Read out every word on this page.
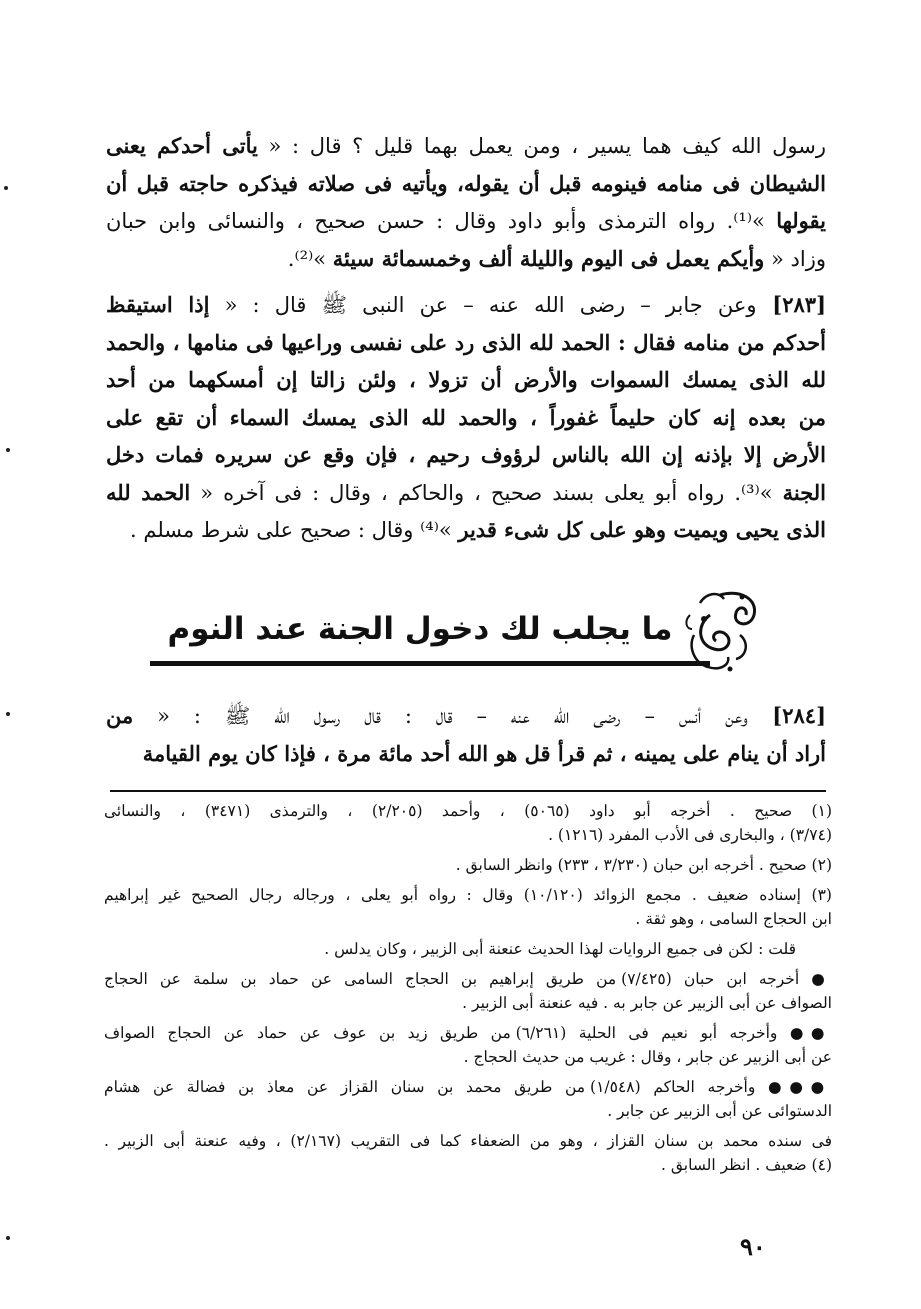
رسول الله كيف هما يسير ، ومن يعمل بهما قليل ؟ قال : « يأتى أحدكم يعنى
الشيطان فى منامه فينومه قبل أن يقوله، ويأتيه فى صلاته فيذكره حاجته قبل أن
يقولها »⁽¹⁾. رواه الترمذى وأبو داود وقال : حسن صحيح ، والنسائى وابن حبان
وزاد « وأيكم يعمل فى اليوم والليلة ألف وخمسمائة سيئة »⁽²⁾.
[٢٨٣] وعن جابر – رضى الله عنه – عن النبى ﷺ قال : « إذا استيقظ
أحدكم من منامه فقال : الحمد لله الذى رد على نفسى وراعيها فى منامها ، والحمد
لله الذى يمسك السموات والأرض أن تزولا ، ولئن زالتا إن أمسكهما من أحد
من بعده إنه كان حليماً غفوراً ، والحمد لله الذى يمسك السماء أن تقع على
الأرض إلا بإذنه إن الله بالناس لرؤوف رحيم ، فإن وقع عن سريره فمات دخل
الجنة »⁽³⁾. رواه أبو يعلى بسند صحيح ، والحاكم ، وقال : فى آخره « الحمد لله
الذى يحيى ويميت وهو على كل شىء قدير »⁽⁴⁾ وقال : صحيح على شرط مسلم .
ما يجلب لك دخول الجنة عند النوم
[٢٨٤] وعن أنس – رضى الله عنه – قال : قال رسول الله ﷺ : « من
أراد أن ينام على يمينه ، ثم قرأ قل هو الله أحد مائة مرة ، فإذا كان يوم القيامة
(١) صحيح . أخرجه أبو داود (٥٠٦٥) ، وأحمد (٢/٢٠٥) ، والترمذى (٣٤٧١) ، والنسائى
(٣/٧٤) ، والبخارى فى الأدب المفرد (١٢١٦) .
(٢) صحيح . أخرجه ابن حبان (٣/٢٣٠ ، ٢٣٣) وانظر السابق .
(٣) إسناده ضعيف . مجمع الزوائد (١٠/١٢٠) وقال : رواه أبو يعلى ، ورجاله رجال الصحيح غير إبراهيم
ابن الحجاج السامى ، وهو ثقة .
قلت : لكن فى جميع الروايات لهذا الحديث عنعنة أبى الزبير ، وكان يدلس .
● أخرجه ابن حبان (٧/٤٢٥) من طريق إبراهيم بن الحجاج السامى عن حماد بن سلمة عن الحجاج
الصواف عن أبى الزبير عن جابر به . فيه عنعنة أبى الزبير .
●● وأخرجه أبو نعيم فى الحلية (٦/٢٦١) من طريق زيد بن عوف عن حماد عن الحجاج الصواف
عن أبى الزبير عن جابر ، وقال : غريب من حديث الحجاج .
●●● وأخرجه الحاكم (١/٥٤٨) من طريق محمد بن سنان القزاز عن معاذ بن فضالة عن هشام
الدستوائى عن أبى الزبير عن جابر .
فى سنده محمد بن سنان القزاز ، وهو من الضعفاء كما فى التقريب (٢/١٦٧) ، وفيه عنعنة أبى الزبير .
(٤) ضعيف . انظر السابق .
٩٠
